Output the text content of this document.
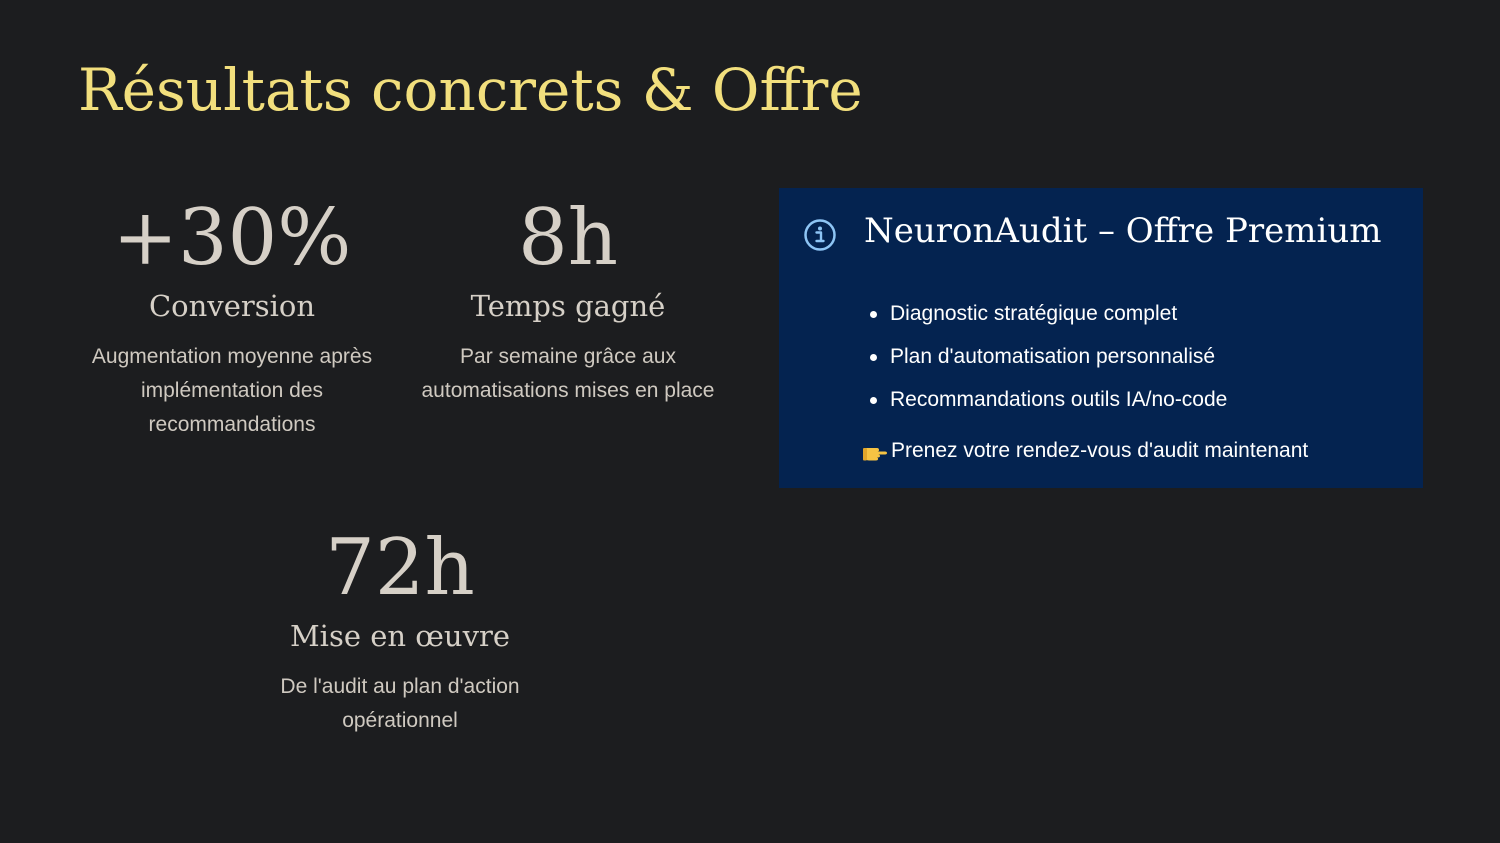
Résultats concrets & Offre
+30%
Conversion
Augmentation moyenne après implémentation des recommandations
8h
Temps gagné
Par semaine grâce aux automatisations mises en place
72h
Mise en œuvre
De l'audit au plan d'action opérationnel
NeuronAudit – Offre Premium
Diagnostic stratégique complet
Plan d'automatisation personnalisé
Recommandations outils IA/no-code
Prenez votre rendez-vous d'audit maintenant
